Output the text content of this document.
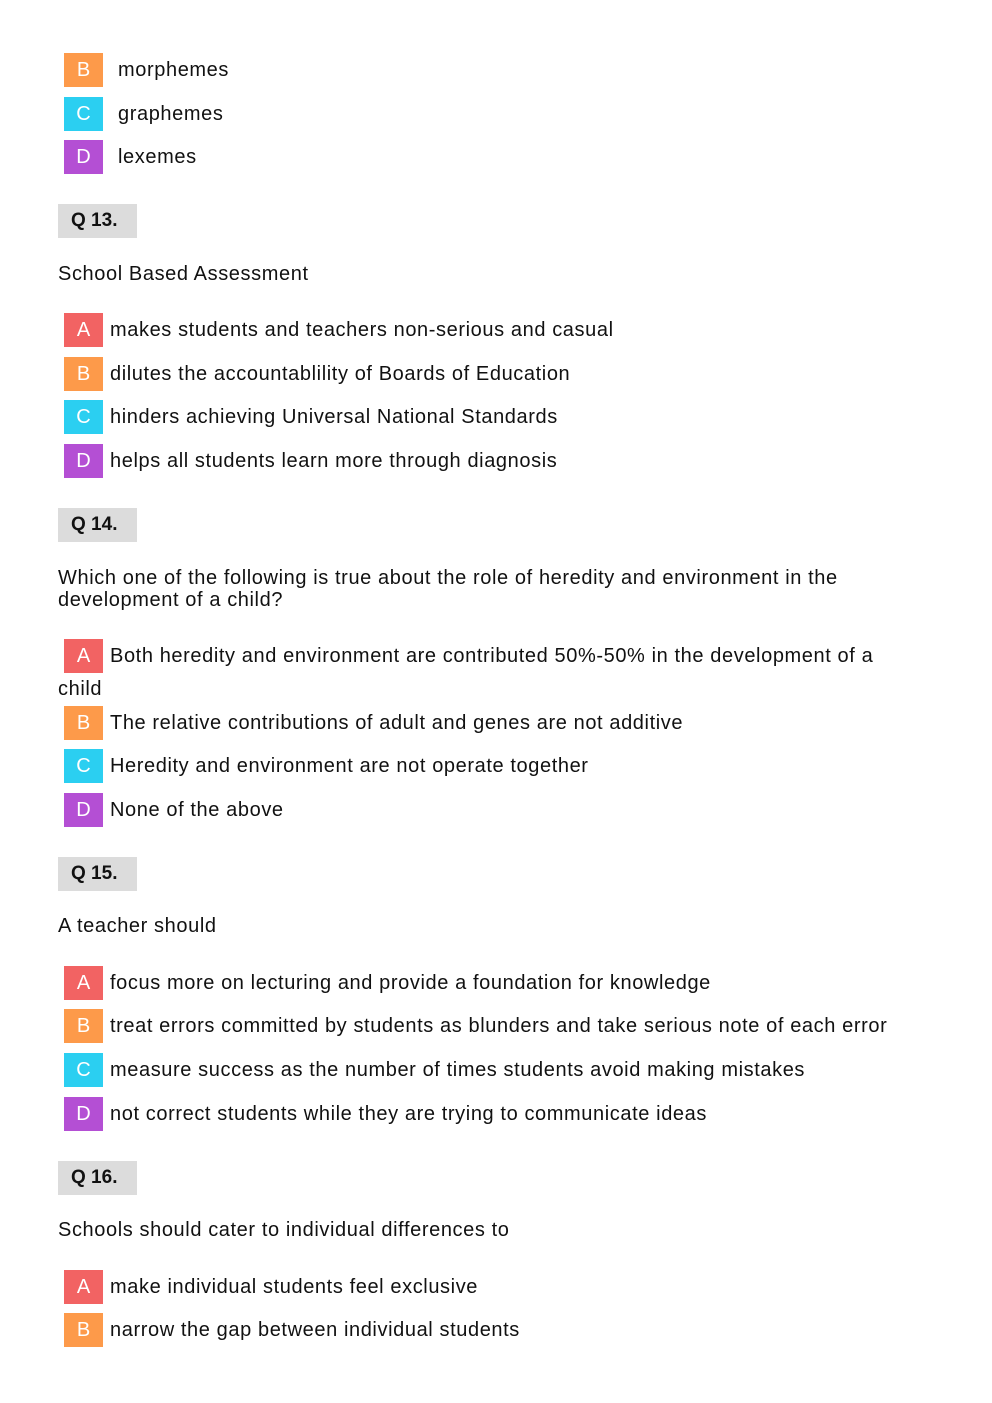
B	morphemes
C	graphemes
D	lexemes
Q 13.
School Based Assessment
A makes students and teachers non-serious and casual
B dilutes the accountablility of Boards of Education
C hinders achieving Universal National Standards
D helps all students learn more through diagnosis
Q 14.
Which one of the following is true about the role of heredity and environment in the
development of a child?
A Both heredity and environment are contributed 50%-50% in the development of a
child
B The relative contributions of adult and genes are not additive
C Heredity and environment are not operate together
D None of the above
Q 15.
A teacher should
A focus more on lecturing and provide a foundation for knowledge
B treat errors committed by students as blunders and take serious note of each error
C measure success as the number of times students avoid making mistakes
D not correct students while they are trying to communicate ideas
Q 16.
Schools should cater to individual differences to
A make individual students feel exclusive
B narrow the gap between individual students
